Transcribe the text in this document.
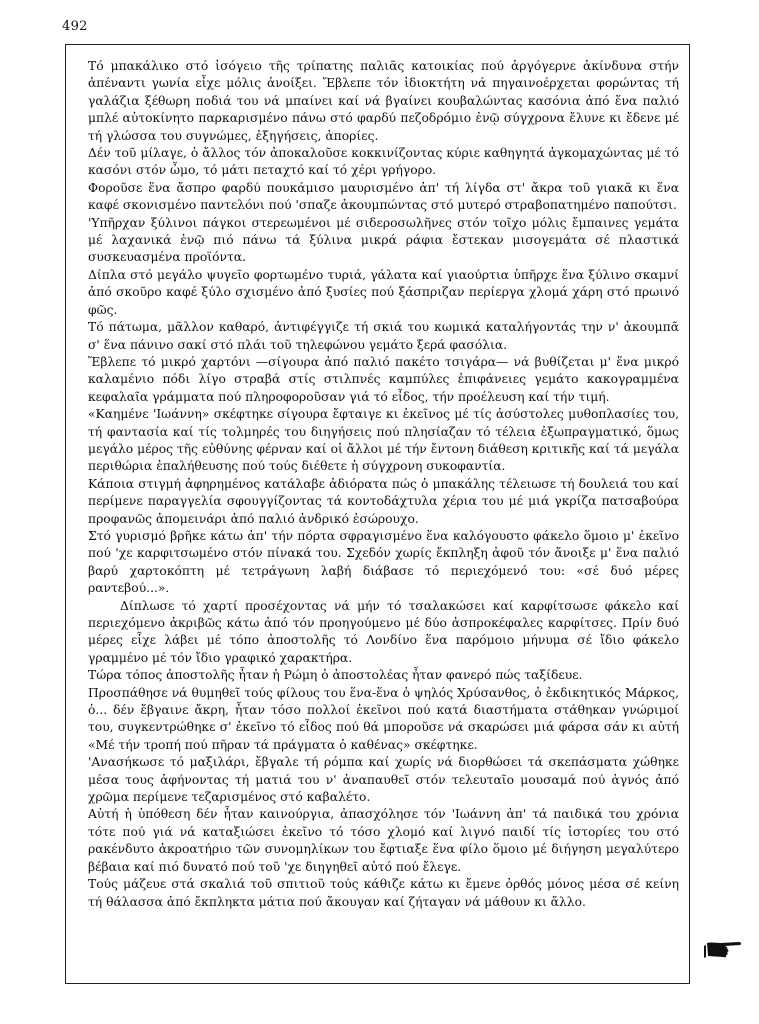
492

Τό μπακάλικο στό ἰσόγειο τῆς τρίπατης παλιᾶς κατοικίας πού ἀργόγερνε ἀκίνδυνα στήν ἀπέναντι γωνία εἶχε μόλις ἀνοίξει. Ἔβλεπε τόν ἰδιοκτήτη νά πηγαινοέρχεται φορώντας τή γαλάζια ξέθωρη ποδιά του νά μπαίνει καί νά βγαίνει κουβαλώντας κασόνια ἀπό ἕνα παλιό μπλέ αὐτοκίνητο παρκαρισμένο πάνω στό φαρδύ πεζοδρόμιο ἐνῷ σύγχρονα ἔλυνε κι ἔδενε μέ τή γλώσσα του συγνώμες, ἐξηγήσεις, ἀπορίες.

Δέν τοῦ μίλαγε, ὁ ἄλλος τόν ἀποκαλοῦσε κοκκινίζοντας κύριε καθηγητά ἀγκομαχώντας μέ τό κασόνι στόν ὦμο, τό μάτι πεταχτό καί τό χέρι γρήγορο.

Φοροῦσε ἕνα ἄσπρο φαρδύ πουκάμισο μαυρισμένο ἀπ' τή λίγδα στ' ἄκρα τοῦ γιακᾶ κι ἕνα καφέ σκονισμένο παντελόνι πού 'σπαζε ἀκουμπώντας στό μυτερό στραβοπατημένο παπούτσι.

'Υπῆρχαν ξύλινοι πάγκοι στερεωμένοι μέ σιδεροσωλῆνες στόν τοῖχο μόλις ἔμπαινες γεμάτα μέ λαχανικά ἐνῷ πιό πάνω τά ξύλινα μικρά ράφια ἔστεκαν μισογεμάτα σέ πλαστικά συσκευασμένα προϊόντα.

Δίπλα στό μεγάλο ψυγεῖο φορτωμένο τυριά, γάλατα καί γιαούρτια ὑπῆρχε ἕνα ξύλινο σκαμνί ἀπό σκοῦρο καφέ ξύλο σχισμένο ἀπό ξυσίες πού ξάσπριζαν περίεργα χλομά χάρη στό πρωινό φῶς.

Τό πάτωμα, μᾶλλον καθαρό, ἀντιφέγγιζε τή σκιά του κωμικά καταλήγοντάς την ν' ἀκουμπᾶ σ' ἕνα πάνινο σακί στό πλάι τοῦ τηλεφώνου γεμάτο ξερά φασόλια.

Ἔβλεπε τό μικρό χαρτόνι —σίγουρα ἀπό παλιό πακέτο τσιγάρα— νά βυθίζεται μ' ἕνα μικρό καλαμένιο πόδι λίγο στραβά στίς στιλπνές καμπύλες ἐπιφάνειες γεμάτο κακογραμμένα κεφαλαῖα γράμματα πού πληροφοροῦσαν γιά τό εἶδος, τήν προέλευση καί τήν τιμή.

«Καημένε 'Ιωάννη» σκέφτηκε σίγουρα ἔφταιγε κι ἐκεῖνος μέ τίς ἀσύστολες μυθοπλασίες του, τή φαντασία καί τίς τολμηρές του διηγήσεις πού πλησίαζαν τό τέλεια ἐξωπραγματικό, ὅμως μεγάλο μέρος τῆς εὐθύνης φέρναν καί οἱ ἄλλοι μέ τήν ἔντονη διάθεση κριτικῆς καί τά μεγάλα περιθώρια ἐπαλήθευσης πού τούς διέθετε ἡ σύγχρονη συκοφαντία.

Κάποια στιγμή ἀφηρημένος κατάλαβε ἀδιόρατα πώς ὁ μπακάλης τέλειωσε τή δουλειά του καί περίμενε παραγγελία σφουγγίζοντας τά κοντοδάχτυλα χέρια του μέ μιά γκρίζα πατσαβούρα προφανῶς ἀπομεινάρι ἀπό παλιό ἀνδρικό ἐσώρουχο.

Στό γυρισμό βρῆκε κάτω ἀπ' τήν πόρτα σφραγισμένο ἕνα καλόγουστο φάκελο ὅμοιο μ' ἐκεῖνο πού 'χε καρφιτσωμένο στόν πίνακά του. Σχεδόν χωρίς ἔκπληξη ἀφοῦ τόν ἄνοιξε μ' ἕνα παλιό βαρύ χαρτοκόπτη μέ τετράγωνη λαβή διάβασε τό περιεχόμενό του: «σέ δυό μέρες ραντεβού...».

Δίπλωσε τό χαρτί προσέχοντας νά μήν τό τσαλακώσει καί καρφίτσωσε φάκελο καί περιεχόμενο ἀκριβῶς κάτω ἀπό τόν προηγούμενο μέ δύο ἀσπροκέφαλες καρφίτσες. Πρίν δυό μέρες εἶχε λάβει μέ τόπο ἀποστολῆς τό Λονδίνο ἕνα παρόμοιο μήνυμα σέ ἴδιο φάκελο γραμμένο μέ τόν ἴδιο γραφικό χαρακτήρα.

Τώρα τόπος ἀποστολῆς ἦταν ἡ Ρώμη ὁ ἀποστολέας ἦταν φανερό πώς ταξίδευε.

Προσπάθησε νά θυμηθεῖ τούς φίλους του ἕνα-ἕνα ὁ ψηλός Χρύσανθος, ὁ ἐκδικητικός Μάρκος, ὁ... δέν ἔβγαινε ἄκρη, ἦταν τόσο πολλοί ἐκεῖνοι πού κατά διαστήματα στάθηκαν γνώριμοί του, συγκεντρώθηκε σ' ἐκεῖνο τό εἶδος πού θά μποροῦσε νά σκαρώσει μιά φάρσα σάν κι αὐτή «Μέ τήν τροπή πού πῆραν τά πράγματα ὁ καθένας» σκέφτηκε.

'Ανασήκωσε τό μαξιλάρι, ἔβγαλε τή ρόμπα καί χωρίς νά διορθώσει τά σκεπάσματα χώθηκε μέσα τους ἀφήνοντας τή ματιά του ν' ἀναπαυθεῖ στόν τελευταῖο μουσαμά πού ἁγνός ἀπό χρῶμα περίμενε τεζαρισμένος στό καβαλέτο.

Αὐτή ἡ ὑπόθεση δέν ἦταν καινούργια, ἀπασχόλησε τόν 'Ιωάννη ἀπ' τά παιδικά του χρόνια τότε πού γιά νά καταξιώσει ἐκεῖνο τό τόσο χλομό καί λιγνό παιδί τίς ἱστορίες του στό ρακένδυτο ἀκροατήριο τῶν συνομηλίκων του ἔφτιαξε ἕνα φίλο ὅμοιο μέ διήγηση μεγαλύτερο βέβαια καί πιό δυνατό πού τοῦ 'χε διηγηθεῖ αὐτό πού ἔλεγε.

Τούς μάζευε στά σκαλιά τοῦ σπιτιοῦ τούς κάθιζε κάτω κι ἔμενε ὀρθός μόνος μέσα σέ κείνη τή θάλασσα ἀπό ἔκπληκτα μάτια πού ἄκουγαν καί ζήταγαν νά μάθουν κι ἄλλο.
